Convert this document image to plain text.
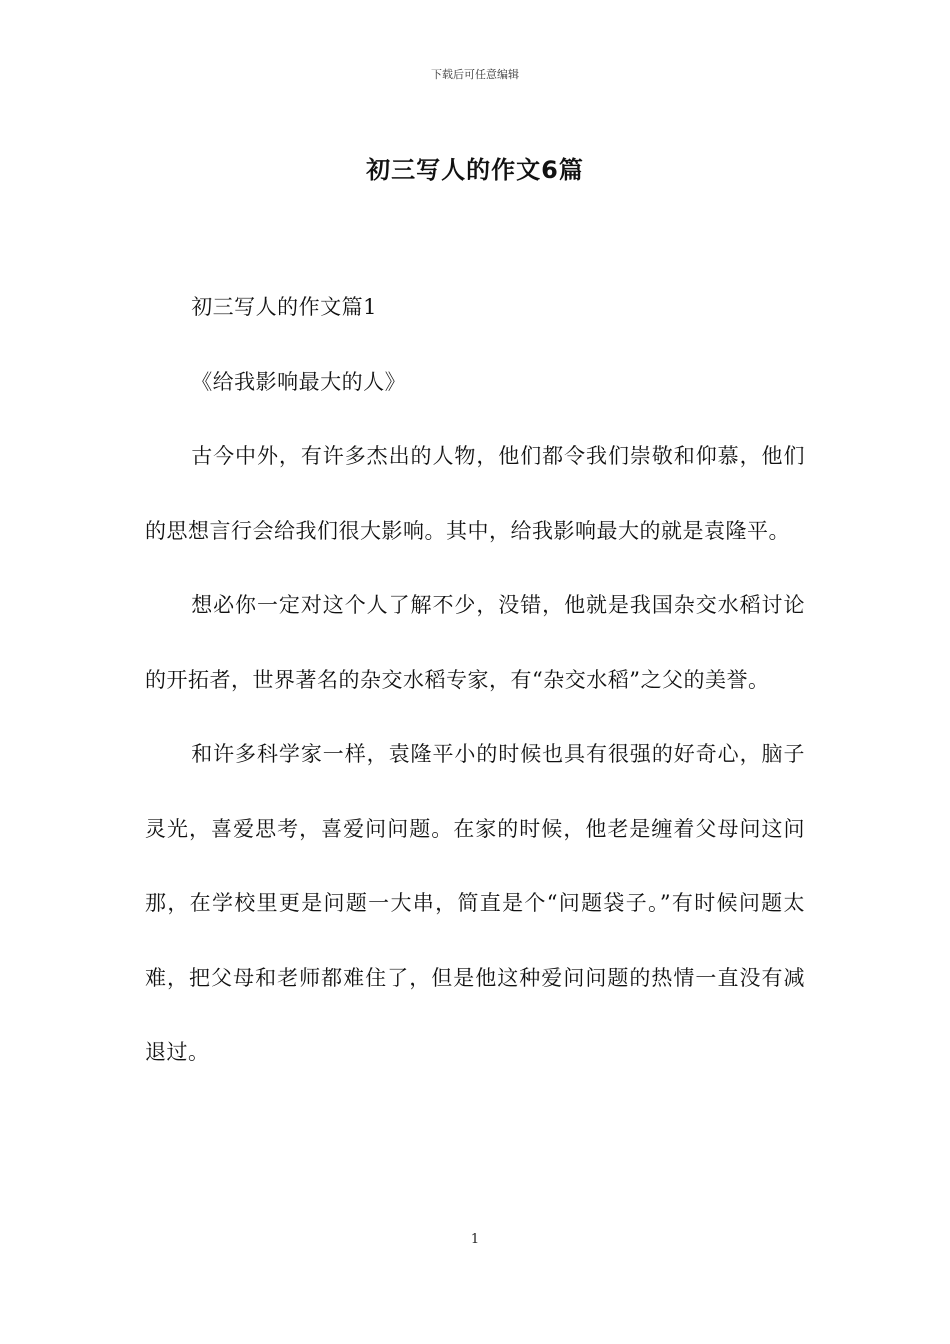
下载后可任意编辑
初三写人的作文6篇

初三写人的作文篇1

《给我影响最大的人》

古今中外，有许多杰出的人物，他们都令我们崇敬和仰慕，他们的思想言行会给我们很大影响。其中，给我影响最大的就是袁隆平。

想必你一定对这个人了解不少，没错，他就是我国杂交水稻讨论的开拓者，世界著名的杂交水稻专家，有“杂交水稻”之父的美誉。

和许多科学家一样，袁隆平小的时候也具有很强的好奇心，脑子灵光，喜爱思考，喜爱问问题。在家的时候，他老是缠着父母问这问那，在学校里更是问题一大串，简直是个“问题袋子。”有时候问题太难，把父母和老师都难住了，但是他这种爱问问题的热情一直没有减退过。

1
